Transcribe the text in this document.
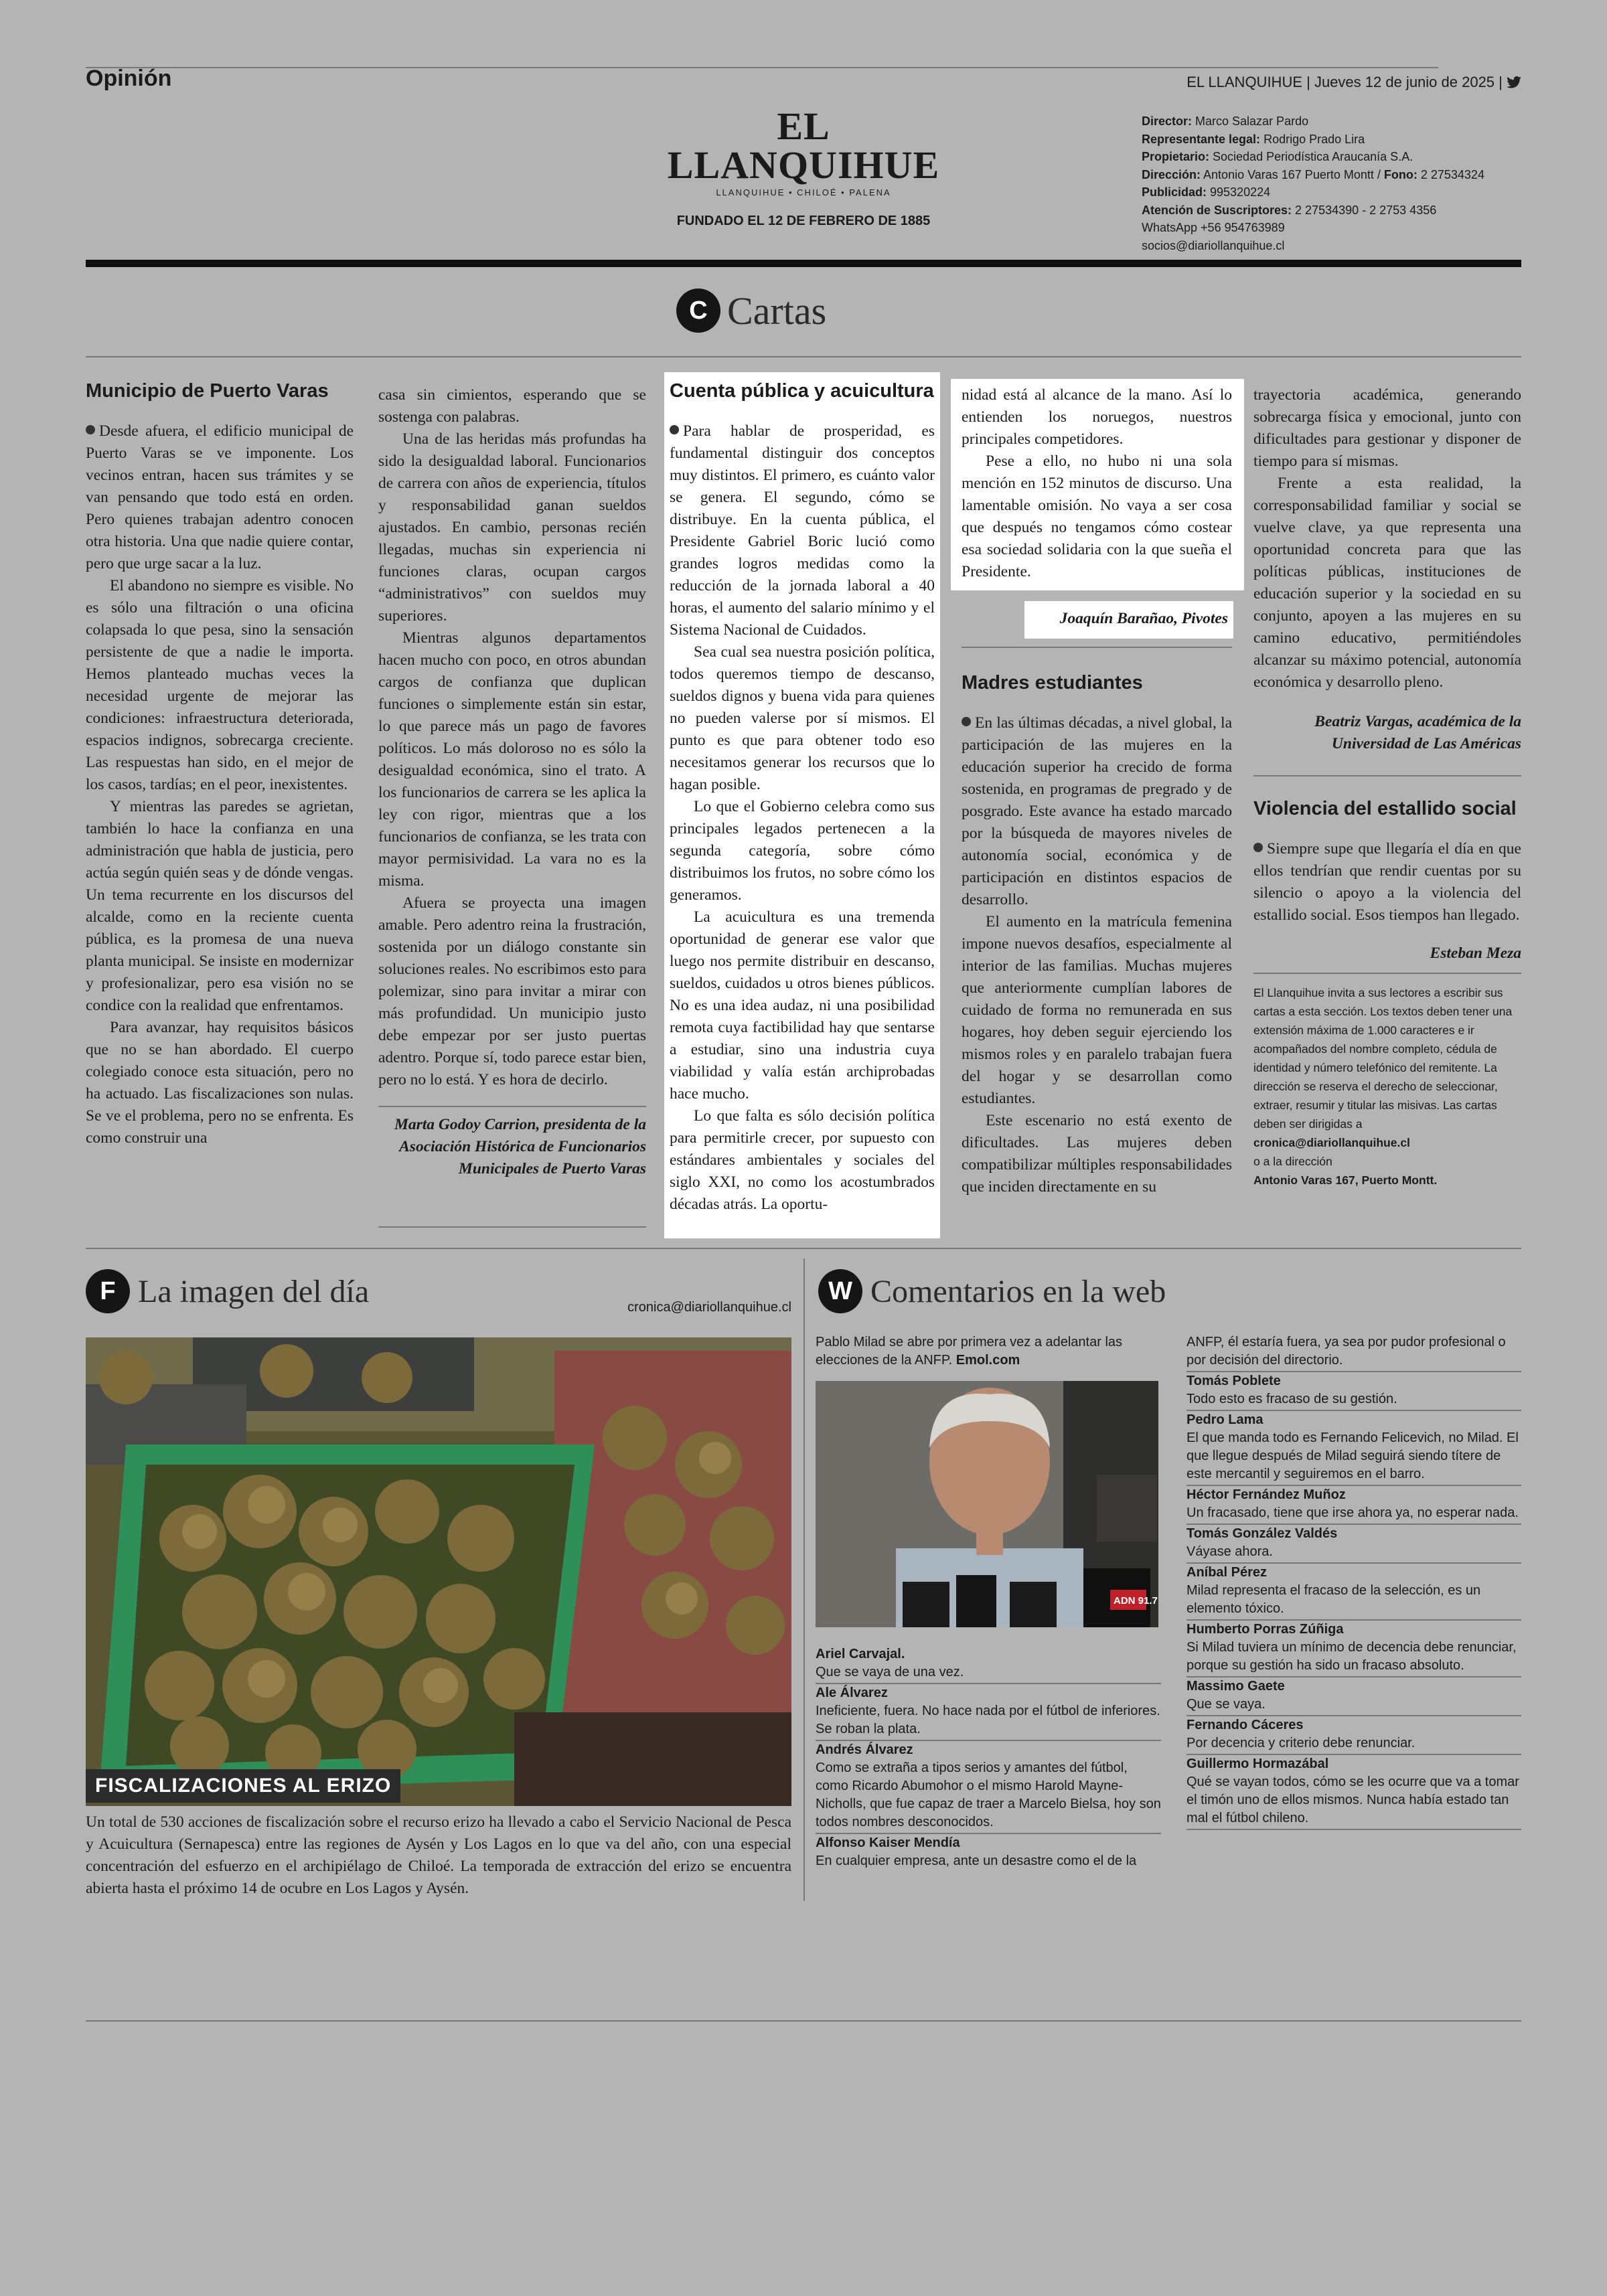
Opinión	EL LLANQUIHUE | Jueves 12 de junio de 2025 |
EL LLANQUIHUE
LLANQUIHUE • CHILOÉ • PALENA
FUNDADO EL 12 DE FEBRERO DE 1885
Director: Marco Salazar Pardo
Representante legal: Rodrigo Prado Lira
Propietario: Sociedad Periodística Araucanía S.A.
Dirección: Antonio Varas 167 Puerto Montt / Fono: 2 27534324
Publicidad: 995320224
Atención de Suscriptores: 2 27534390 - 2 2753 4356
WhatsApp +56 954763989
socios@diariollanquihue.cl
C Cartas
Municipio de Puerto Varas

Desde afuera, el edificio municipal de Puerto Varas se ve imponente. Los vecinos entran, hacen sus trámites y se van pensando que todo está en orden. Pero quienes trabajan adentro conocen otra historia. Una que nadie quiere contar, pero que urge sacar a la luz.

El abandono no siempre es visible. No es sólo una filtración o una oficina colapsada lo que pesa, sino la sensación persistente de que a nadie le importa. Hemos planteado muchas veces la necesidad urgente de mejorar las condiciones: infraestructura deteriorada, espacios indignos, sobrecarga creciente. Las respuestas han sido, en el mejor de los casos, tardías; en el peor, inexistentes.

Y mientras las paredes se agrietan, también lo hace la confianza en una administración que habla de justicia, pero actúa según quién seas y de dónde vengas. Un tema recurrente en los discursos del alcalde, como en la reciente cuenta pública, es la promesa de una nueva planta municipal. Se insiste en modernizar y profesionalizar, pero esa visión no se condice con la realidad que enfrentamos.

Para avanzar, hay requisitos básicos que no se han abordado. El cuerpo colegiado conoce esta situación, pero no ha actuado. Las fiscalizaciones son nulas. Se ve el problema, pero no se enfrenta. Es como construir una

casa sin cimientos, esperando que se sostenga con palabras.

Una de las heridas más profundas ha sido la desigualdad laboral. Funcionarios de carrera con años de experiencia, títulos y responsabilidad ganan sueldos ajustados. En cambio, personas recién llegadas, muchas sin experiencia ni funciones claras, ocupan cargos “administrativos” con sueldos muy superiores.

Mientras algunos departamentos hacen mucho con poco, en otros abundan cargos de confianza que duplican funciones o simplemente están sin estar, lo que parece más un pago de favores políticos. Lo más doloroso no es sólo la desigualdad económica, sino el trato. A los funcionarios de carrera se les aplica la ley con rigor, mientras que a los funcionarios de confianza, se les trata con mayor permisividad. La vara no es la misma.

Afuera se proyecta una imagen amable. Pero adentro reina la frustración, sostenida por un diálogo constante sin soluciones reales. No escribimos esto para polemizar, sino para invitar a mirar con más profundidad. Un municipio justo debe empezar por ser justo puertas adentro. Porque sí, todo parece estar bien, pero no lo está. Y es hora de decirlo.

Marta Godoy Carrion, presidenta de la Asociación Histórica de Funcionarios Municipales de Puerto Varas

Cuenta pública y acuicultura

Para hablar de prosperidad, es fundamental distinguir dos conceptos muy distintos. El primero, es cuánto valor se genera. El segundo, cómo se distribuye. En la cuenta pública, el Presidente Gabriel Boric lució como grandes logros medidas como la reducción de la jornada laboral a 40 horas, el aumento del salario mínimo y el Sistema Nacional de Cuidados.

Sea cual sea nuestra posición política, todos queremos tiempo de descanso, sueldos dignos y buena vida para quienes no pueden valerse por sí mismos. El punto es que para obtener todo eso necesitamos generar los recursos que lo hagan posible.

Lo que el Gobierno celebra como sus principales legados pertenecen a la segunda categoría, sobre cómo distribuimos los frutos, no sobre cómo los generamos.

La acuicultura es una tremenda oportunidad de generar ese valor que luego nos permite distribuir en descanso, sueldos, cuidados u otros bienes públicos. No es una idea audaz, ni una posibilidad remota cuya factibilidad hay que sentarse a estudiar, sino una industria cuya viabilidad y valía están archiprobadas hace mucho.

Lo que falta es sólo decisión política para permitirle crecer, por supuesto con estándares ambientales y sociales del siglo XXI, no como los acostumbrados décadas atrás. La oportu-

nidad está al alcance de la mano. Así lo entienden los noruegos, nuestros principales competidores.

Pese a ello, no hubo ni una sola mención en 152 minutos de discurso. Una lamentable omisión. No vaya a ser cosa que después no tengamos cómo costear esa sociedad solidaria con la que sueña el Presidente.

Joaquín Barañao, Pivotes

Madres estudiantes

En las últimas décadas, a nivel global, la participación de las mujeres en la educación superior ha crecido de forma sostenida, en programas de pregrado y de posgrado. Este avance ha estado marcado por la búsqueda de mayores niveles de autonomía social, económica y de participación en distintos espacios de desarrollo.

El aumento en la matrícula femenina impone nuevos desafíos, especialmente al interior de las familias. Muchas mujeres que anteriormente cumplían labores de cuidado de forma no remunerada en sus hogares, hoy deben seguir ejerciendo los mismos roles y en paralelo trabajan fuera del hogar y se desarrollan como estudiantes.

Este escenario no está exento de dificultades. Las mujeres deben compatibilizar múltiples responsabilidades que inciden directamente en su

trayectoria académica, generando sobrecarga física y emocional, junto con dificultades para gestionar y disponer de tiempo para sí mismas.

Frente a esta realidad, la corresponsabilidad familiar y social se vuelve clave, ya que representa una oportunidad concreta para que las políticas públicas, instituciones de educación superior y la sociedad en su conjunto, apoyen a las mujeres en su camino educativo, permitiéndoles alcanzar su máximo potencial, autonomía económica y desarrollo pleno.

Beatriz Vargas, académica de la Universidad de Las Américas

Violencia del estallido social

Siempre supe que llegaría el día en que ellos tendrían que rendir cuentas por su silencio o apoyo a la violencia del estallido social. Esos tiempos han llegado.

Esteban Meza

El Llanquihue invita a sus lectores a escribir sus cartas a esta sección. Los textos deben tener una extensión máxima de 1.000 caracteres e ir acompañados del nombre completo, cédula de identidad y número telefónico del remitente. La dirección se reserva el derecho de seleccionar, extraer, resumir y titular las misivas. Las cartas deben ser dirigidas a
cronica@diariollanquihue.cl
o a la dirección
Antonio Varas 167, Puerto Montt.
F La imagen del día	cronica@diariollanquihue.cl
FISCALIZACIONES AL ERIZO
Un total de 530 acciones de fiscalización sobre el recurso erizo ha llevado a cabo el Servicio Nacional de Pesca y Acuicultura (Sernapesca) entre las regiones de Aysén y Los Lagos en lo que va del año, con una especial concentración del esfuerzo en el archipiélago de Chiloé. La temporada de extracción del erizo se encuentra abierta hasta el próximo 14 de ocubre en Los Lagos y Aysén.
W Comentarios en la web
Pablo Milad se abre por primera vez a adelantar las elecciones de la ANFP. Emol.com
ADN 91.7
Ariel Carvajal.
Que se vaya de una vez.
Ale Álvarez
Ineficiente, fuera. No hace nada por el fútbol de inferiores. Se roban la plata.
Andrés Álvarez
Como se extraña a tipos serios y amantes del fútbol, como Ricardo Abumohor o el mismo Harold Mayne-Nicholls, que fue capaz de traer a Marcelo Bielsa, hoy son todos nombres desconocidos.
Alfonso Kaiser Mendía
En cualquier empresa, ante un desastre como el de la
ANFP, él estaría fuera, ya sea por pudor profesional o por decisión del directorio.
Tomás Poblete
Todo esto es fracaso de su gestión.
Pedro Lama
El que manda todo es Fernando Felicevich, no Milad. El que llegue después de Milad seguirá siendo títere de este mercantil y seguiremos en el barro.
Héctor Fernández Muñoz
Un fracasado, tiene que irse ahora ya, no esperar nada.
Tomás González Valdés
Váyase ahora.
Aníbal Pérez
Milad representa el fracaso de la selección, es un elemento tóxico.
Humberto Porras Zúñiga
Si Milad tuviera un mínimo de decencia debe renunciar, porque su gestión ha sido un fracaso absoluto.
Massimo Gaete
Que se vaya.
Fernando Cáceres
Por decencia y criterio debe renunciar.
Guillermo Hormazábal
Qué se vayan todos, cómo se les ocurre que va a tomar el timón uno de ellos mismos. Nunca había estado tan mal el fútbol chileno.
